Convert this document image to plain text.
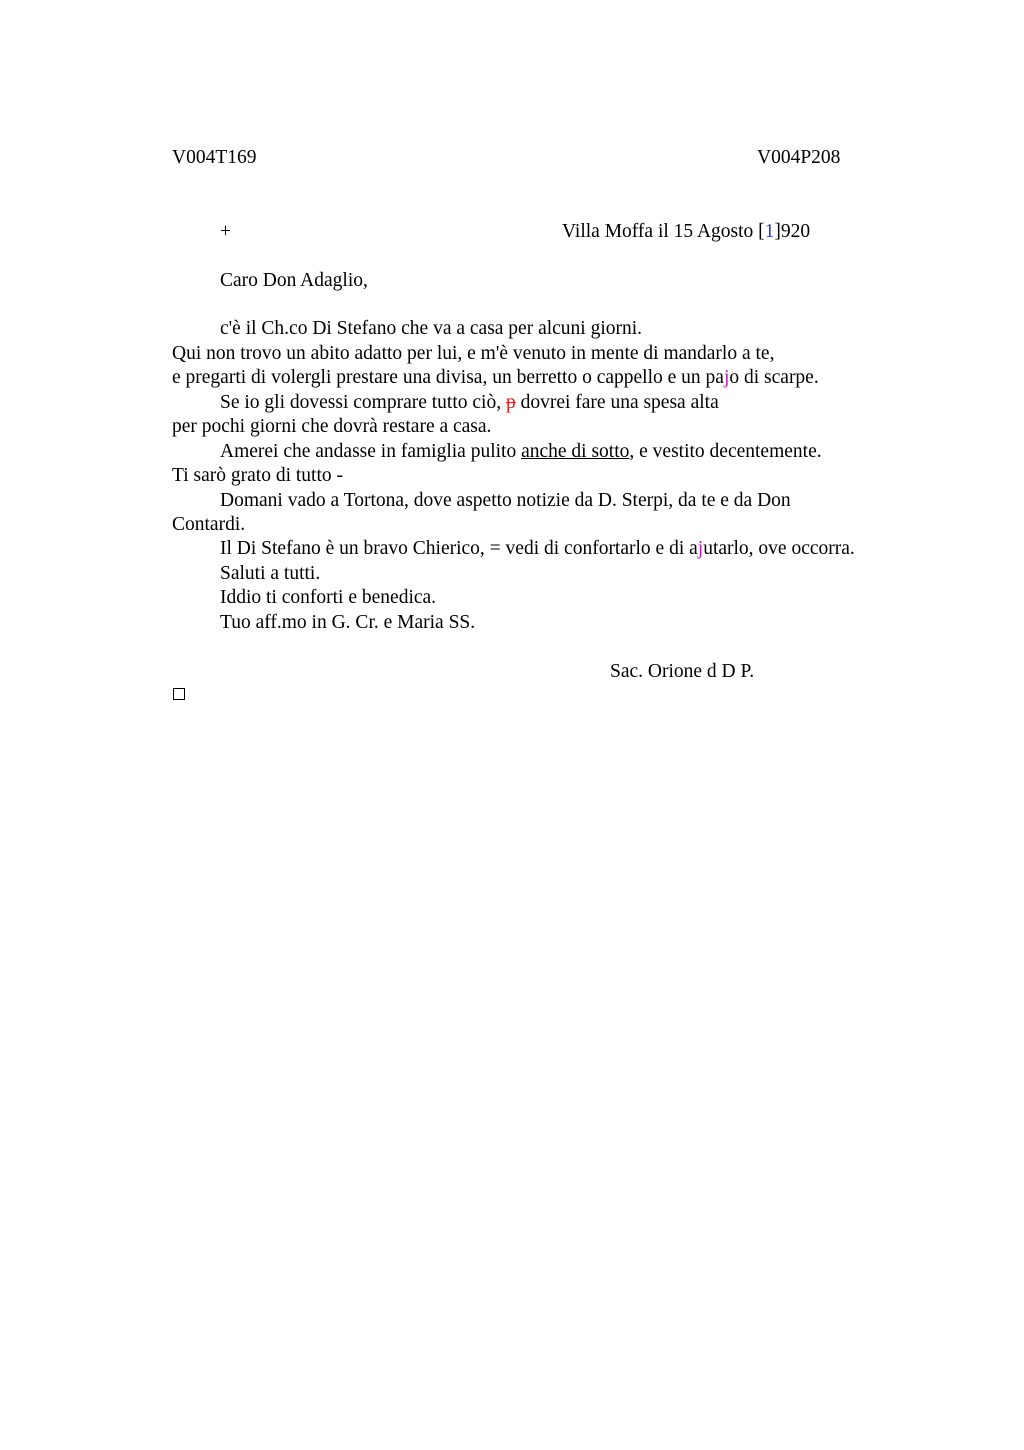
V004T169	V004P208
+	Villa Moffa il 15 Agosto [1]920
Caro Don Adaglio,
c'è il Ch.co Di Stefano che va a casa per alcuni giorni.
Qui non trovo un abito adatto per lui, e m'è venuto in mente di mandarlo a te,
e pregarti di volergli prestare una divisa, un berretto o cappello e un pajo di scarpe.
Se io gli dovessi comprare tutto ciò, p dovrei fare una spesa alta
per pochi giorni che dovrà restare a casa.
Amerei che andasse in famiglia pulito anche di sotto, e vestito decentemente.
Ti sarò grato di tutto -
Domani vado a Tortona, dove aspetto notizie da D. Sterpi, da te e da Don
Contardi.
Il Di Stefano è un bravo Chierico, = vedi di confortarlo e di ajutarlo, ove occorra.
Saluti a tutti.
Iddio ti conforti e benedica.
Tuo aff.mo in G. Cr. e Maria SS.
Sac. Orione d D P.
